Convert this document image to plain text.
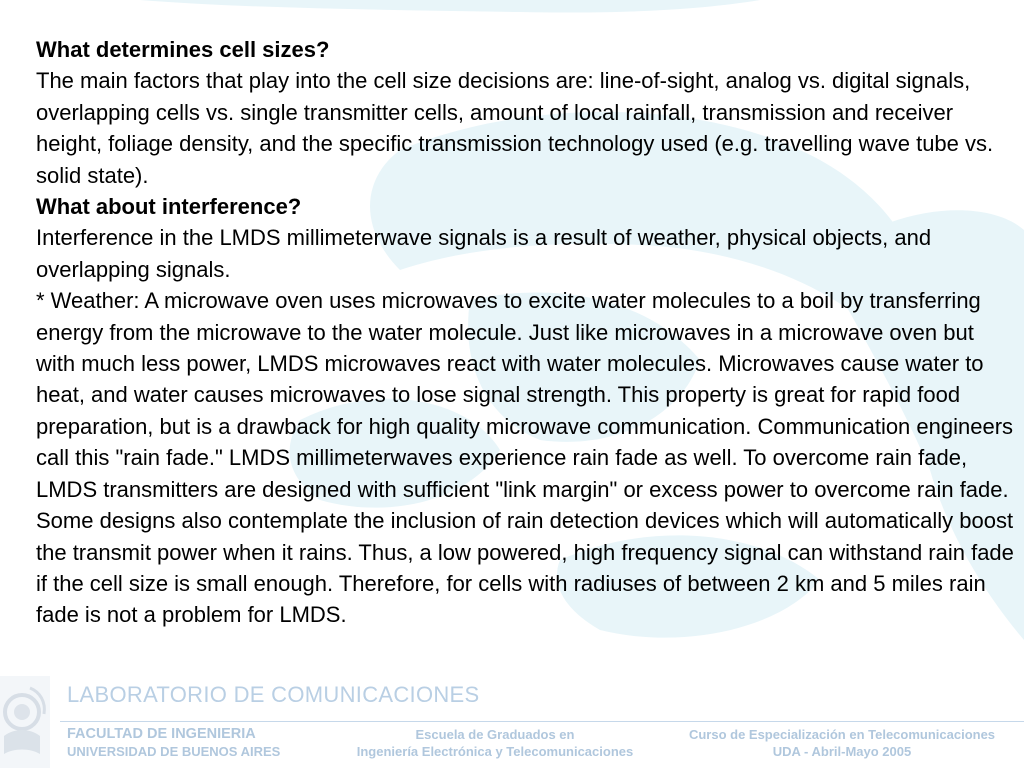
What determines cell sizes?

The main factors that play into the cell size decisions are: line-of-sight, analog vs. digital signals, overlapping cells vs. single transmitter cells, amount of local rainfall, transmission and receiver height, foliage density, and the specific transmission technology used (e.g. travelling wave tube vs. solid state).

What about interference?

Interference in the LMDS millimeterwave signals is a result of weather, physical objects, and overlapping signals.

* Weather: A microwave oven uses microwaves to excite water molecules to a boil by transferring energy from the microwave to the water molecule. Just like microwaves in a microwave oven but with much less power, LMDS microwaves react with water molecules. Microwaves cause water to heat, and water causes microwaves to lose signal strength. This property is great for rapid food preparation, but is a drawback for high quality microwave communication. Communication engineers call this "rain fade." LMDS millimeterwaves experience rain fade as well. To overcome rain fade, LMDS transmitters are designed with sufficient "link margin" or excess power to overcome rain fade. Some designs also contemplate the inclusion of rain detection devices which will automatically boost the transmit power when it rains. Thus, a low powered, high frequency signal can withstand rain fade if the cell size is small enough. Therefore, for cells with radiuses of between 2 km and 5 miles rain fade is not a problem for LMDS.

LABORATORIO DE COMUNICACIONES
FACULTAD DE INGENIERIA
UNIVERSIDAD DE BUENOS AIRES
Escuela de Graduados en
Ingeniería Electrónica y Telecomunicaciones
Curso de Especialización en Telecomunicaciones
UDA - Abril-Mayo 2005
